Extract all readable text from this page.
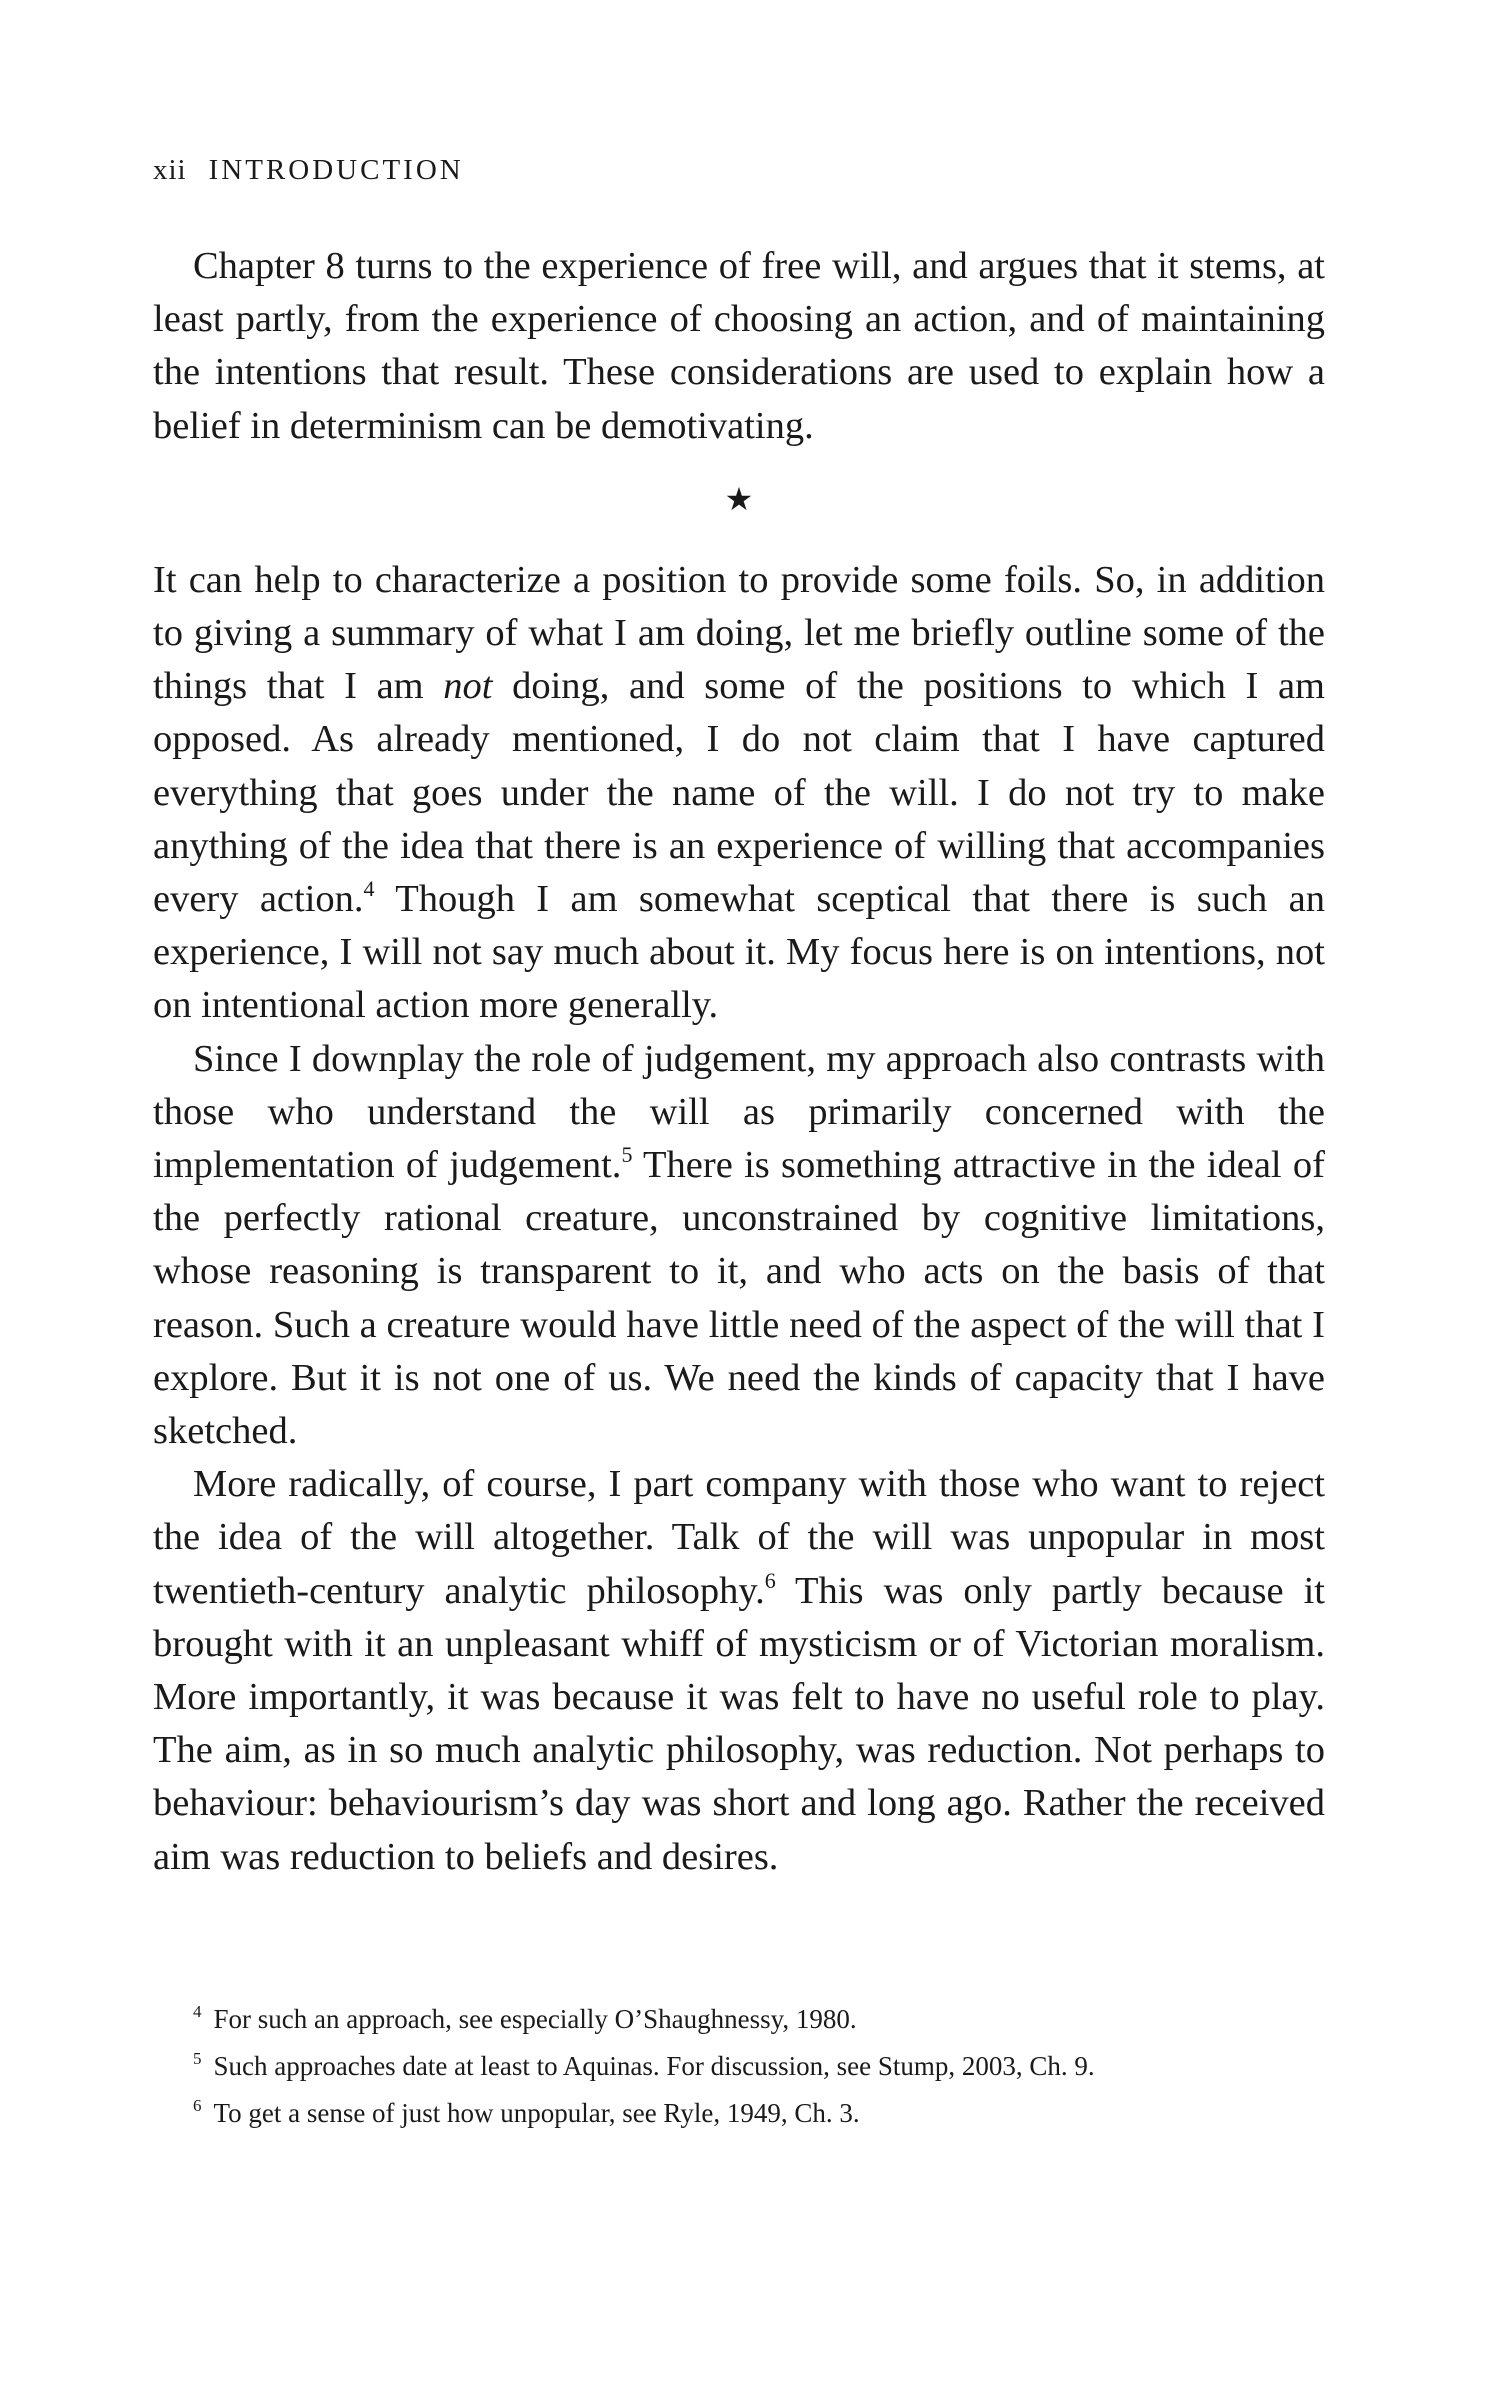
xii INTRODUCTION

Chapter 8 turns to the experience of free will, and argues that it stems, at least partly, from the experience of choosing an action, and of maintaining the intentions that result. These considerations are used to explain how a belief in determinism can be demotivating.

★

It can help to characterize a position to provide some foils. So, in addition to giving a summary of what I am doing, let me briefly outline some of the things that I am not doing, and some of the positions to which I am opposed. As already mentioned, I do not claim that I have captured everything that goes under the name of the will. I do not try to make anything of the idea that there is an experience of willing that accompanies every action.$^4$ Though I am somewhat sceptical that there is such an experience, I will not say much about it. My focus here is on intentions, not on intentional action more generally.

Since I downplay the role of judgement, my approach also contrasts with those who understand the will as primarily concerned with the implementation of judgement.$^5$ There is something attractive in the ideal of the perfectly rational creature, unconstrained by cognitive limitations, whose reasoning is transparent to it, and who acts on the basis of that reason. Such a creature would have little need of the aspect of the will that I explore. But it is not one of us. We need the kinds of capacity that I have sketched.

More radically, of course, I part company with those who want to reject the idea of the will altogether. Talk of the will was unpopular in most twentieth-century analytic philosophy.$^6$ This was only partly because it brought with it an unpleasant whiff of mysticism or of Victorian moralism. More importantly, it was because it was felt to have no useful role to play. The aim, as in so much analytic philosophy, was reduction. Not perhaps to behaviour: behaviourism’s day was short and long ago. Rather the received aim was reduction to beliefs and desires.

$^4$ For such an approach, see especially O’Shaughnessy, 1980.

$^5$ Such approaches date at least to Aquinas. For discussion, see Stump, 2003, Ch. 9.

$^6$ To get a sense of just how unpopular, see Ryle, 1949, Ch. 3.
